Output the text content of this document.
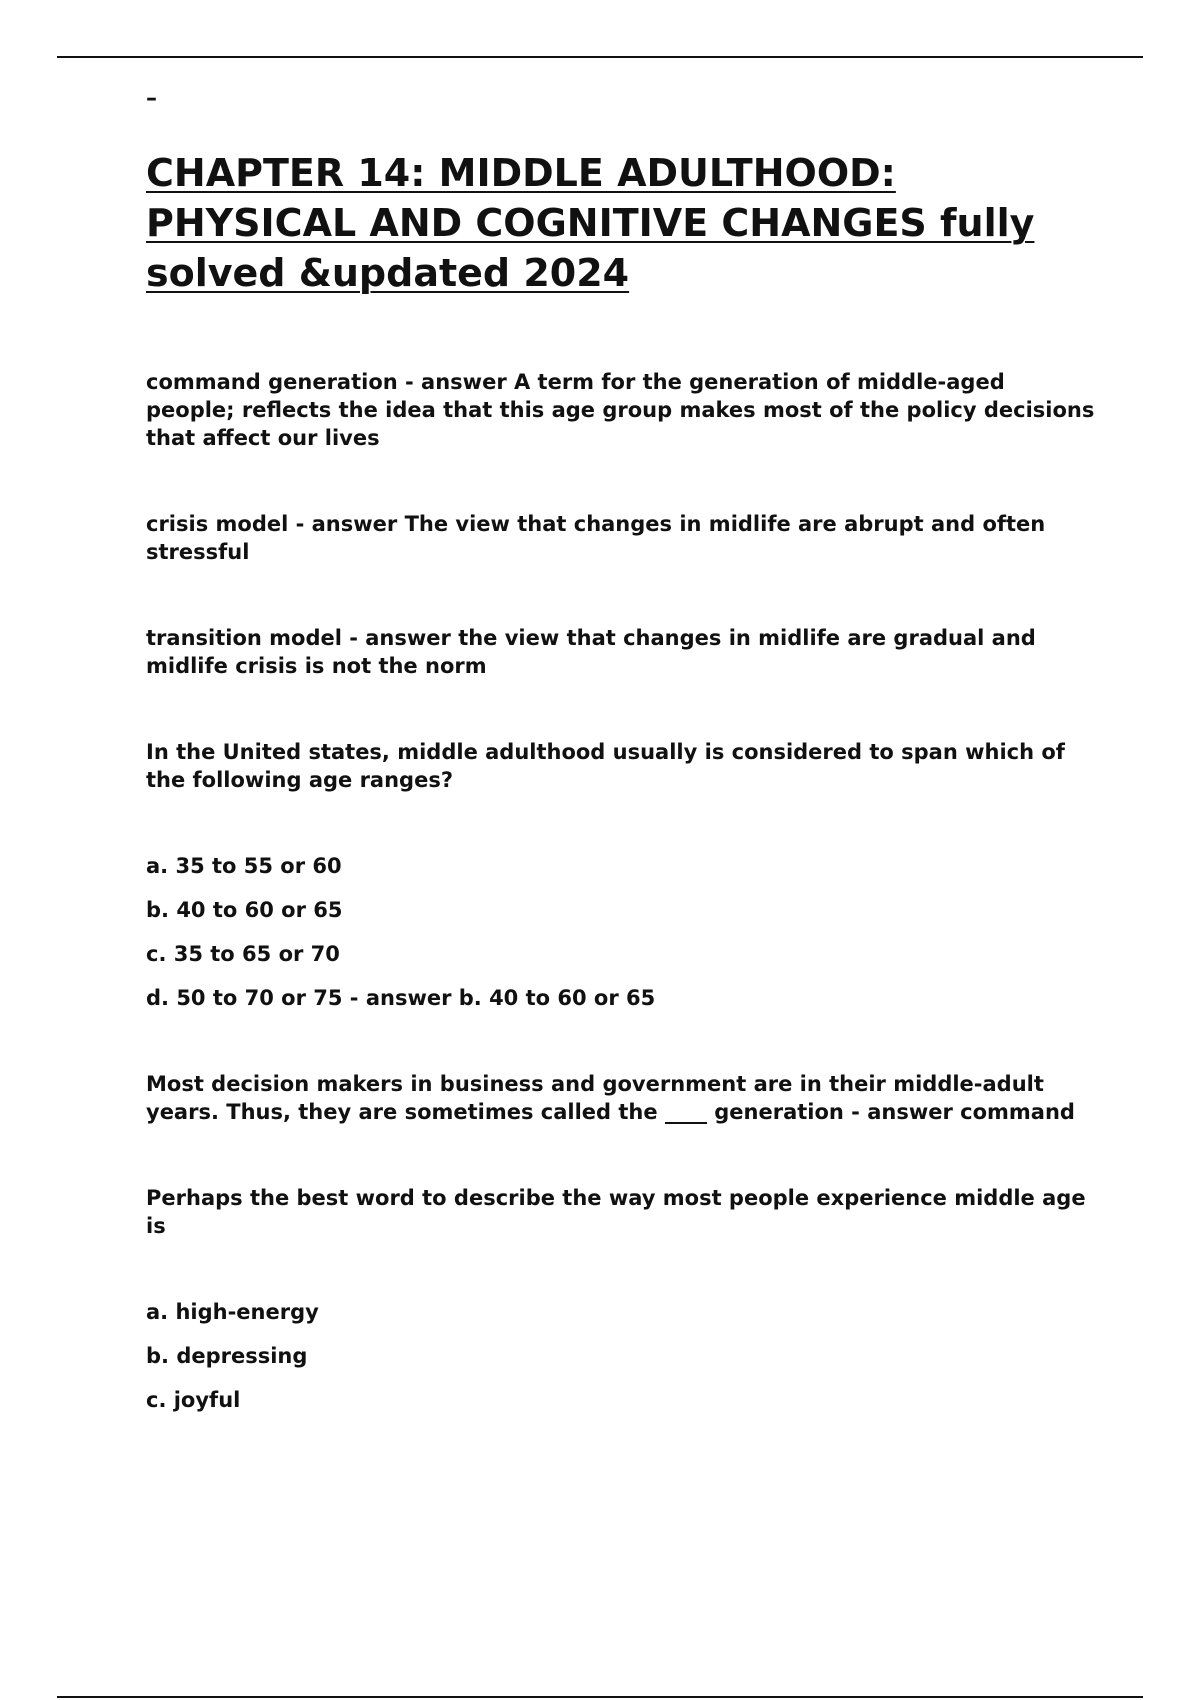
–
CHAPTER 14: MIDDLE ADULTHOOD: PHYSICAL AND COGNITIVE CHANGES fully solved &updated 2024

command generation - answer A term for the generation of middle-aged people; reflects the idea that this age group makes most of the policy decisions that affect our lives

crisis model - answer The view that changes in midlife are abrupt and often stressful

transition model - answer the view that changes in midlife are gradual and midlife crisis is not the norm

In the United states, middle adulthood usually is considered to span which of the following age ranges?

a. 35 to 55 or 60
b. 40 to 60 or 65
c. 35 to 65 or 70
d. 50 to 70 or 75 - answer b. 40 to 60 or 65

Most decision makers in business and government are in their middle-adult years. Thus, they are sometimes called the ____ generation - answer command

Perhaps the best word to describe the way most people experience middle age is

a. high-energy
b. depressing
c. joyful
